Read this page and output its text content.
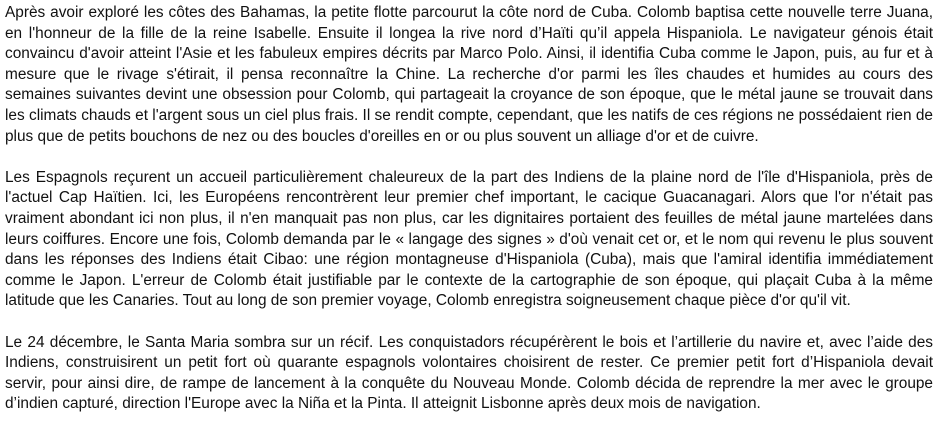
Après avoir exploré les côtes des Bahamas, la petite flotte parcourut la côte nord de Cuba. Colomb baptisa cette nouvelle terre Juana, en l'honneur de la fille de la reine Isabelle. Ensuite il longea la rive nord d’Haïti qu’il appela Hispaniola. Le navigateur génois était convaincu d'avoir atteint l'Asie et les fabuleux empires décrits par Marco Polo. Ainsi, il identifia Cuba comme le Japon, puis, au fur et à mesure que le rivage s'étirait, il pensa reconnaître la Chine. La recherche d'or parmi les îles chaudes et humides au cours des semaines suivantes devint une obsession pour Colomb, qui partageait la croyance de son époque, que le métal jaune se trouvait dans les climats chauds et l'argent sous un ciel plus frais. Il se rendit compte, cependant, que les natifs de ces régions ne possédaient rien de plus que de petits bouchons de nez ou des boucles d'oreilles en or ou plus souvent un alliage d'or et de cuivre.

Les Espagnols reçurent un accueil particulièrement chaleureux de la part des Indiens de la plaine nord de l'île d'Hispaniola, près de l'actuel Cap Haïtien. Ici, les Européens rencontrèrent leur premier chef important, le cacique Guacanagari. Alors que l'or n'était pas vraiment abondant ici non plus, il n'en manquait pas non plus, car les dignitaires portaient des feuilles de métal jaune martelées dans leurs coiffures. Encore une fois, Colomb demanda par le « langage des signes » d'où venait cet or, et le nom qui revenu le plus souvent dans les réponses des Indiens était Cibao: une région montagneuse d'Hispaniola (Cuba), mais que l'amiral identifia immédiatement comme le Japon. L'erreur de Colomb était justifiable par le contexte de la cartographie de son époque, qui plaçait Cuba à la même latitude que les Canaries. Tout au long de son premier voyage, Colomb enregistra soigneusement chaque pièce d'or qu'il vit.

Le 24 décembre, le Santa Maria sombra sur un récif. Les conquistadors récupérèrent le bois et l’artillerie du navire et, avec l’aide des Indiens, construisirent un petit fort où quarante espagnols volontaires choisirent de rester. Ce premier petit fort d’Hispaniola devait servir, pour ainsi dire, de rampe de lancement à la conquête du Nouveau Monde. Colomb décida de reprendre la mer avec le groupe d’indien capturé, direction l'Europe avec la Niña et la Pinta. Il atteignit Lisbonne après deux mois de navigation.
